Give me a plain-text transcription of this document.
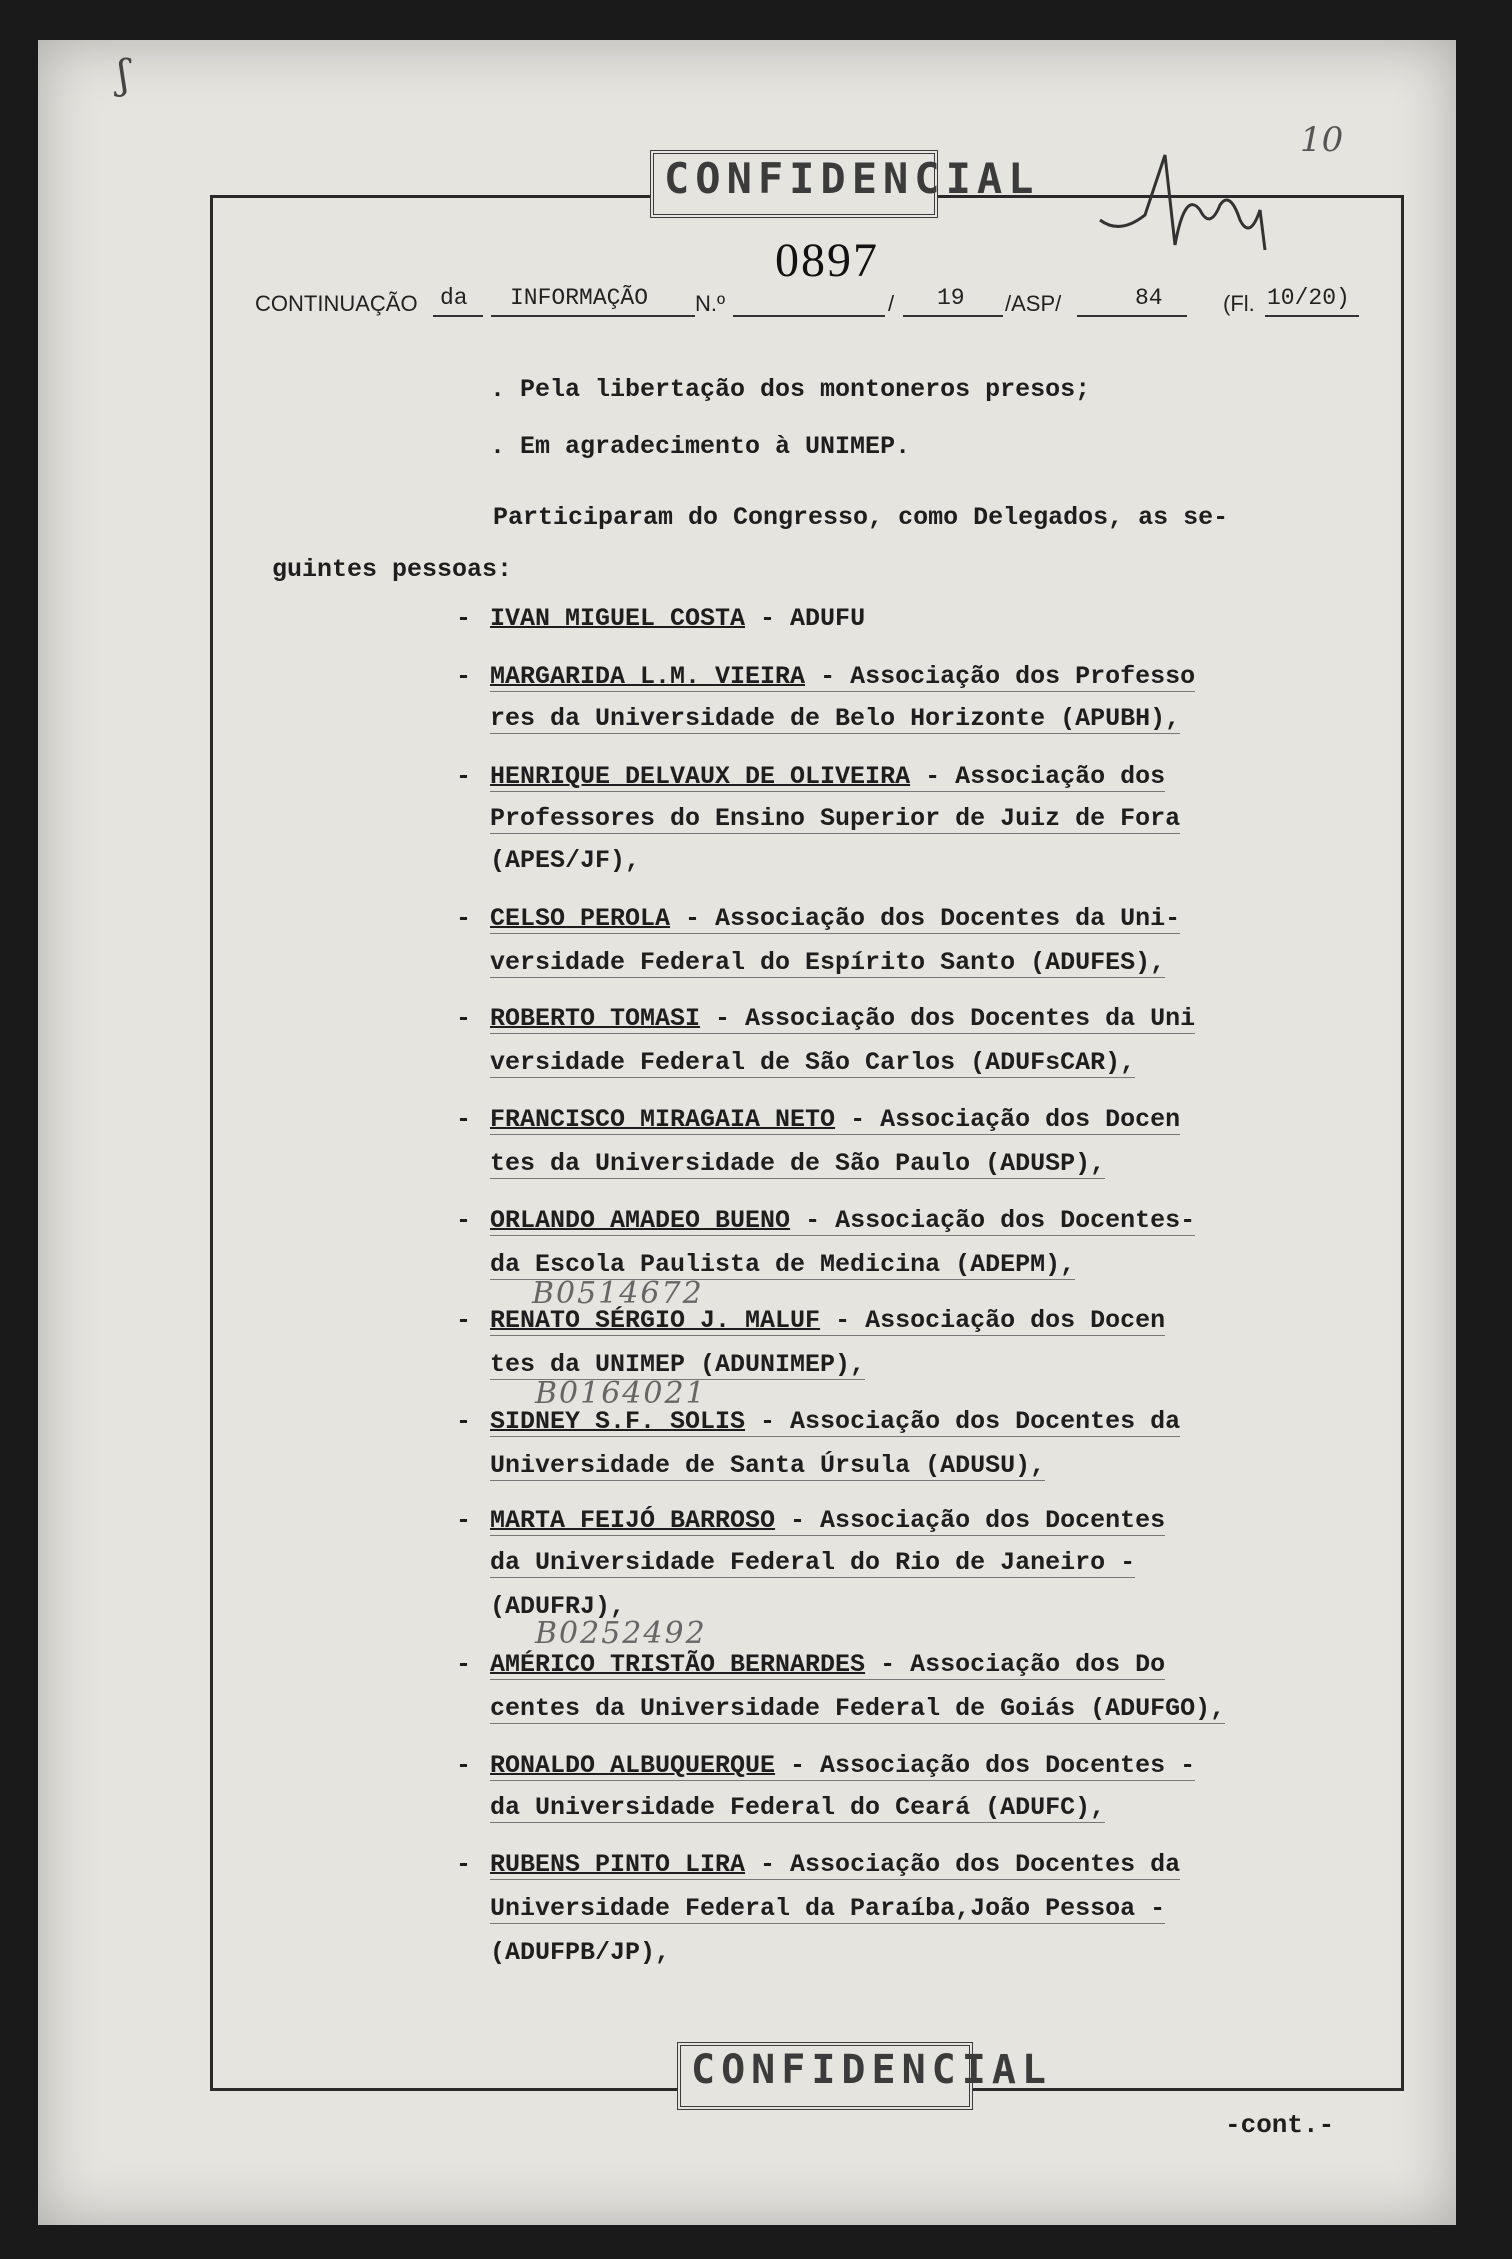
ʃ
CONFIDENCIAL
0897
10
CONTINUAÇÃO da INFORMAÇÃO N.º	/ 19 /ASP/	84	(Fl. 10/20)
. Pela libertação dos montoneros presos;
. Em agradecimento à UNIMEP.
Participaram do Congresso, como Delegados, as se-
guintes pessoas:
- IVAN MIGUEL COSTA - ADUFU
- MARGARIDA L.M. VIEIRA - Associação dos Professo
res da Universidade de Belo Horizonte (APUBH),
- HENRIQUE DELVAUX DE OLIVEIRA - Associação dos
Professores do Ensino Superior de Juiz de Fora
(APES/JF),
- CELSO PEROLA - Associação dos Docentes da Uni-
versidade Federal do Espírito Santo (ADUFES),
- ROBERTO TOMASI - Associação dos Docentes da Uni
versidade Federal de São Carlos (ADUFsCAR),
- FRANCISCO MIRAGAIA NETO - Associação dos Docen
tes da Universidade de São Paulo (ADUSP),
- ORLANDO AMADEO BUENO - Associação dos Docentes-
da Escola Paulista de Medicina (ADEPM),
B0514672
- RENATO SÉRGIO J. MALUF - Associação dos Docen
tes da UNIMEP (ADUNIMEP),
B0164021
- SIDNEY S.F. SOLIS - Associação dos Docentes da
Universidade de Santa Úrsula (ADUSU),
- MARTA FEIJÓ BARROSO - Associação dos Docentes
da Universidade Federal do Rio de Janeiro -
(ADUFRJ),
B0252492
- AMÉRICO TRISTÃO BERNARDES - Associação dos Do
centes da Universidade Federal de Goiás (ADUFGO),
- RONALDO ALBUQUERQUE - Associação dos Docentes -
da Universidade Federal do Ceará (ADUFC),
- RUBENS PINTO LIRA - Associação dos Docentes da
Universidade Federal da Paraíba,João Pessoa -
(ADUFPB/JP),
CONFIDENCIAL
-cont.-
